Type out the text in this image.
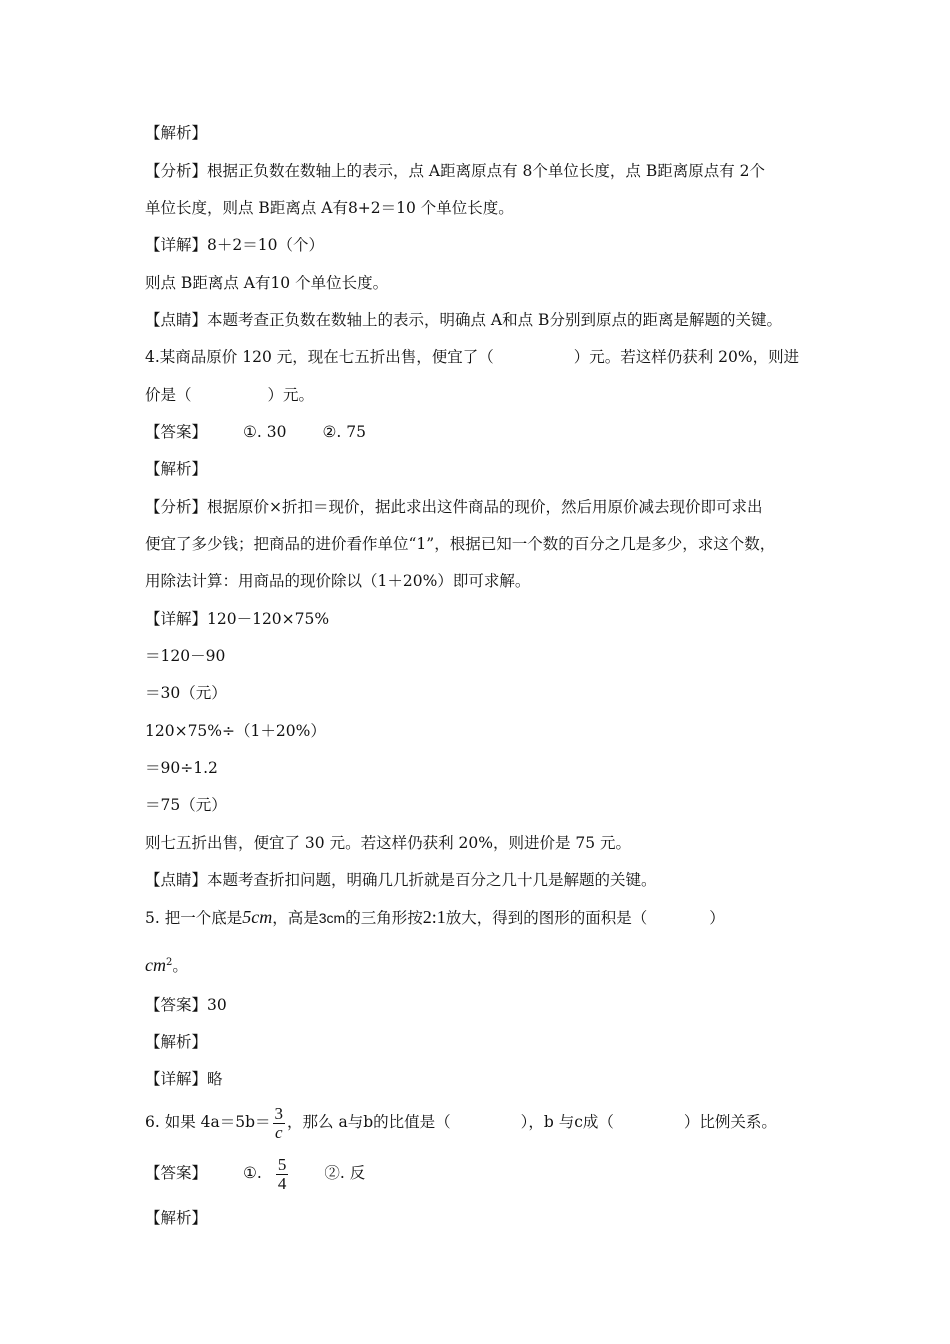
【解析】
【分析】根据正负数在数轴上的表示，点 A距离原点有 8个单位长度，点 B距离原点有 2个
单位长度，则点 B距离点 A有8+2＝10 个单位长度。
【详解】8＋2＝10（个）
则点 B距离点 A有10 个单位长度。
【点睛】本题考查正负数在数轴上的表示，明确点 A和点 B分别到原点的距离是解题的关键。
4.某商品原价 120 元，现在七五折出售，便宜了（	）元。若这样仍获利 20%，则进
价是（	）元。
【答案】 ①. 30 ②. 75
【解析】
【分析】根据原价×折扣＝现价，据此求出这件商品的现价，然后用原价减去现价即可求出
便宜了多少钱；把商品的进价看作单位“1”，根据已知一个数的百分之几是多少，求这个数，
用除法计算：用商品的现价除以（1＋20%）即可求解。
【详解】120－120×75%
＝120－90
＝30（元）
120×75%÷（1＋20%）
＝90÷1.2
＝75（元）
则七五折出售，便宜了 30 元。若这样仍获利 20%，则进价是 75 元。
【点睛】本题考查折扣问题，明确几几折就是百分之几十几是解题的关键。
5. 把一个底是5cm，高是3cm的三角形按2:1放大，得到的图形的面积是（	）
$cm^2$。
【答案】30
【解析】
【详解】略
6. 如果 $4a=5b= \frac{3}{c}$ ，那么 a与b的比值是（	），b 与c成（	）比例关系。
【答案】 ①. $\frac{5}{4}$ ②. 反
【解析】
